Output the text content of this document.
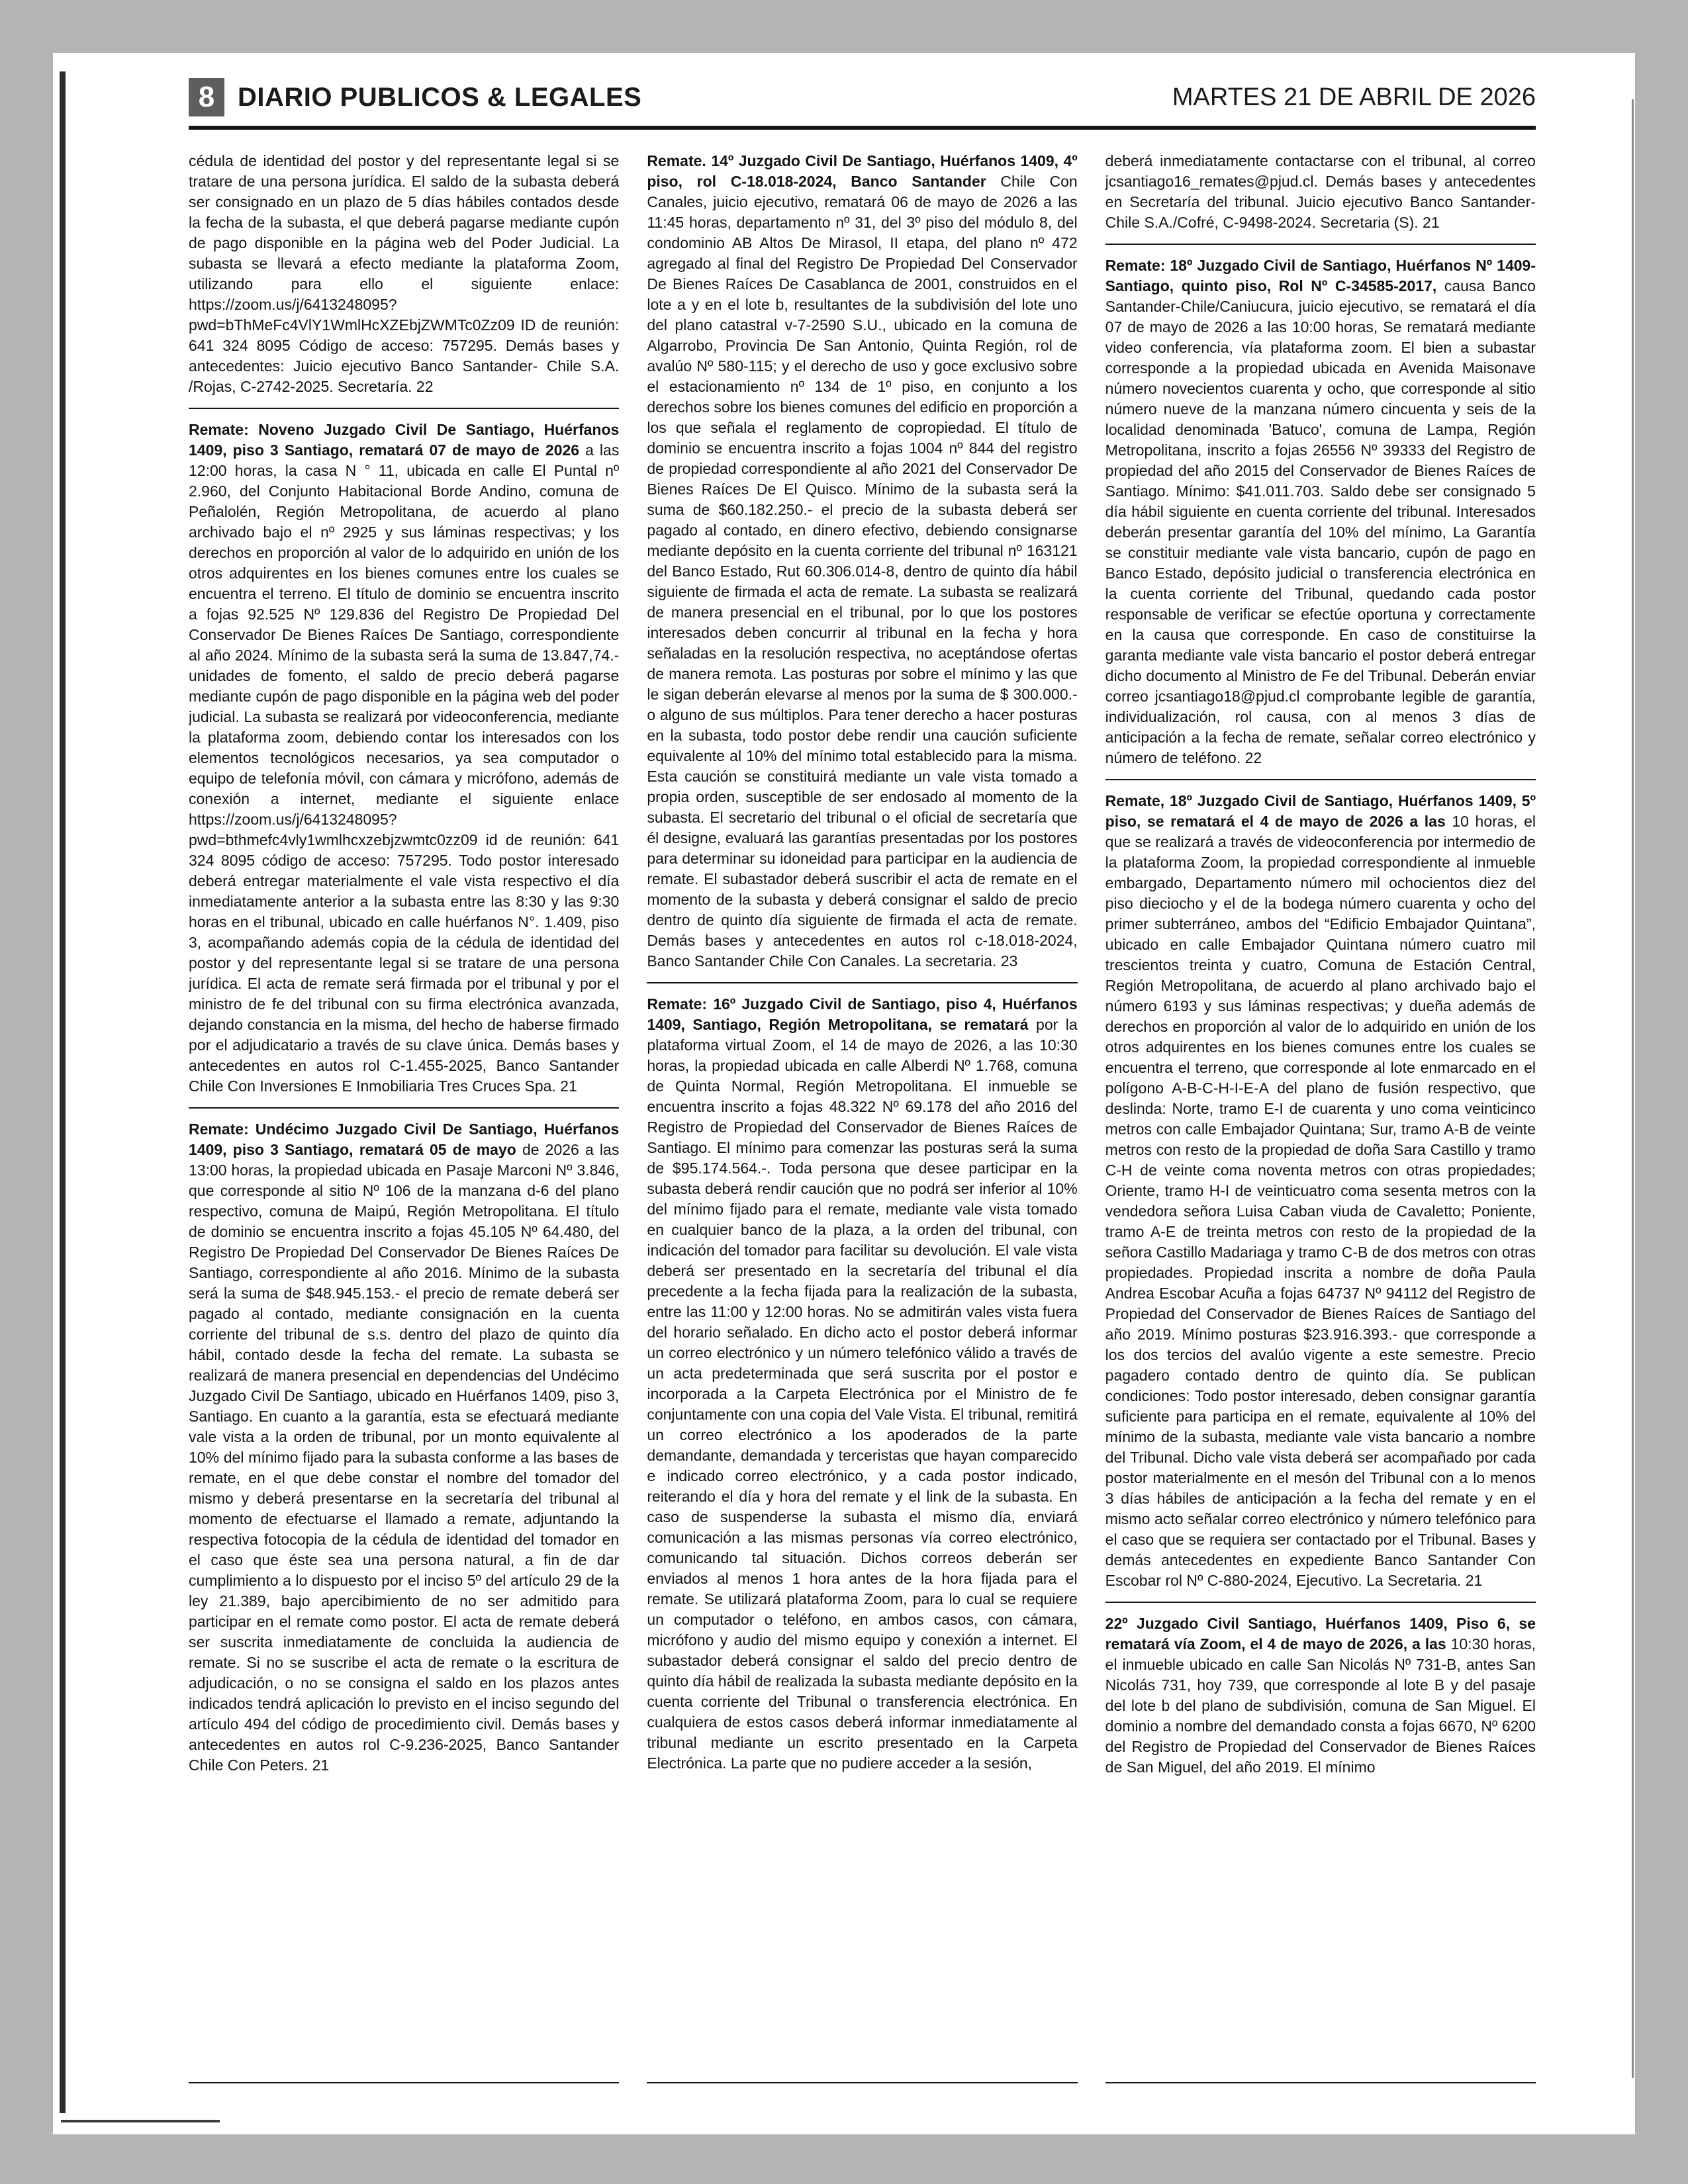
8 DIARIO PUBLICOS & LEGALES	MARTES 21 DE ABRIL DE 2026

cédula de identidad del postor y del representante legal si se tratare de una persona jurídica. El saldo de la subasta deberá ser consignado en un plazo de 5 días hábiles contados desde la fecha de la subasta, el que deberá pagarse mediante cupón de pago disponible en la página web del Poder Judicial. La subasta se llevará a efecto mediante la plataforma Zoom, utilizando para ello el siguiente enlace: https://zoom.us/j/6413248095?pwd=bThMeFc4VlY1WmlHcXZEbjZWMTc0Zz09 ID de reunión: 641 324 8095 Código de acceso: 757295. Demás bases y antecedentes: Juicio ejecutivo Banco Santander- Chile S.A. /Rojas, C-2742-2025. Secretaría. 22

Remate: Noveno Juzgado Civil De Santiago, Huérfanos 1409, piso 3 Santiago, rematará 07 de mayo de 2026 a las 12:00 horas, la casa N ° 11, ubicada en calle El Puntal nº 2.960, del Conjunto Habitacional Borde Andino, comuna de Peñalolén, Región Metropolitana, de acuerdo al plano archivado bajo el nº 2925 y sus láminas respectivas; y los derechos en proporción al valor de lo adquirido en unión de los otros adquirentes en los bienes comunes entre los cuales se encuentra el terreno. El título de dominio se encuentra inscrito a fojas 92.525 Nº 129.836 del Registro De Propiedad Del Conservador De Bienes Raíces De Santiago, correspondiente al año 2024. Mínimo de la subasta será la suma de 13.847,74.- unidades de fomento, el saldo de precio deberá pagarse mediante cupón de pago disponible en la página web del poder judicial. La subasta se realizará por videoconferencia, mediante la plataforma zoom, debiendo contar los interesados con los elementos tecnológicos necesarios, ya sea computador o equipo de telefonía móvil, con cámara y micrófono, además de conexión a internet, mediante el siguiente enlace https://zoom.us/j/6413248095?pwd=bthmefc4vly1wmlhcxzebjzwmtc0zz09 id de reunión: 641 324 8095 código de acceso: 757295. Todo postor interesado deberá entregar materialmente el vale vista respectivo el día inmediatamente anterior a la subasta entre las 8:30 y las 9:30 horas en el tribunal, ubicado en calle huérfanos N°. 1.409, piso 3, acompañando además copia de la cédula de identidad del postor y del representante legal si se tratare de una persona jurídica. El acta de remate será firmada por el tribunal y por el ministro de fe del tribunal con su firma electrónica avanzada, dejando constancia en la misma, del hecho de haberse firmado por el adjudicatario a través de su clave única. Demás bases y antecedentes en autos rol C-1.455-2025, Banco Santander Chile Con Inversiones E Inmobiliaria Tres Cruces Spa. 21

Remate: Undécimo Juzgado Civil De Santiago, Huérfanos 1409, piso 3 Santiago, rematará 05 de mayo de 2026 a las 13:00 horas, la propiedad ubicada en Pasaje Marconi Nº 3.846, que corresponde al sitio Nº 106 de la manzana d-6 del plano respectivo, comuna de Maipú, Región Metropolitana. El título de dominio se encuentra inscrito a fojas 45.105 Nº 64.480, del Registro De Propiedad Del Conservador De Bienes Raíces De Santiago, correspondiente al año 2016. Mínimo de la subasta será la suma de $48.945.153.- el precio de remate deberá ser pagado al contado, mediante consignación en la cuenta corriente del tribunal de s.s. dentro del plazo de quinto día hábil, contado desde la fecha del remate. La subasta se realizará de manera presencial en dependencias del Undécimo Juzgado Civil De Santiago, ubicado en Huérfanos 1409, piso 3, Santiago. En cuanto a la garantía, esta se efectuará mediante vale vista a la orden de tribunal, por un monto equivalente al 10% del mínimo fijado para la subasta conforme a las bases de remate, en el que debe constar el nombre del tomador del mismo y deberá presentarse en la secretaría del tribunal al momento de efectuarse el llamado a remate, adjuntando la respectiva fotocopia de la cédula de identidad del tomador en el caso que éste sea una persona natural, a fin de dar cumplimiento a lo dispuesto por el inciso 5º del artículo 29 de la ley 21.389, bajo apercibimiento de no ser admitido para participar en el remate como postor. El acta de remate deberá ser suscrita inmediatamente de concluida la audiencia de remate. Si no se suscribe el acta de remate o la escritura de adjudicación, o no se consigna el saldo en los plazos antes indicados tendrá aplicación lo previsto en el inciso segundo del artículo 494 del código de procedimiento civil. Demás bases y antecedentes en autos rol C-9.236-2025, Banco Santander Chile Con Peters. 21

Remate. 14º Juzgado Civil De Santiago, Huérfanos 1409, 4º piso, rol C-18.018-2024, Banco Santander Chile Con Canales, juicio ejecutivo, rematará 06 de mayo de 2026 a las 11:45 horas, departamento nº 31, del 3º piso del módulo 8, del condominio AB Altos De Mirasol, II etapa, del plano nº 472 agregado al final del Registro De Propiedad Del Conservador De Bienes Raíces De Casablanca de 2001, construidos en el lote a y en el lote b, resultantes de la subdivisión del lote uno del plano catastral v-7-2590 S.U., ubicado en la comuna de Algarrobo, Provincia De San Antonio, Quinta Región, rol de avalúo Nº 580-115; y el derecho de uso y goce exclusivo sobre el estacionamiento nº 134 de 1º piso, en conjunto a los derechos sobre los bienes comunes del edificio en proporción a los que señala el reglamento de copropiedad. El título de dominio se encuentra inscrito a fojas 1004 nº 844 del registro de propiedad correspondiente al año 2021 del Conservador De Bienes Raíces De El Quisco. Mínimo de la subasta será la suma de $60.182.250.- el precio de la subasta deberá ser pagado al contado, en dinero efectivo, debiendo consignarse mediante depósito en la cuenta corriente del tribunal nº 163121 del Banco Estado, Rut 60.306.014-8, dentro de quinto día hábil siguiente de firmada el acta de remate. La subasta se realizará de manera presencial en el tribunal, por lo que los postores interesados deben concurrir al tribunal en la fecha y hora señaladas en la resolución respectiva, no aceptándose ofertas de manera remota. Las posturas por sobre el mínimo y las que le sigan deberán elevarse al menos por la suma de $ 300.000.- o alguno de sus múltiplos. Para tener derecho a hacer posturas en la subasta, todo postor debe rendir una caución suficiente equivalente al 10% del mínimo total establecido para la misma. Esta caución se constituirá mediante un vale vista tomado a propia orden, susceptible de ser endosado al momento de la subasta. El secretario del tribunal o el oficial de secretaría que él designe, evaluará las garantías presentadas por los postores para determinar su idoneidad para participar en la audiencia de remate. El subastador deberá suscribir el acta de remate en el momento de la subasta y deberá consignar el saldo de precio dentro de quinto día siguiente de firmada el acta de remate. Demás bases y antecedentes en autos rol c-18.018-2024, Banco Santander Chile Con Canales. La secretaria. 23

Remate: 16º Juzgado Civil de Santiago, piso 4, Huérfanos 1409, Santiago, Región Metropolitana, se rematará por la plataforma virtual Zoom, el 14 de mayo de 2026, a las 10:30 horas, la propiedad ubicada en calle Alberdi Nº 1.768, comuna de Quinta Normal, Región Metropolitana. El inmueble se encuentra inscrito a fojas 48.322 Nº 69.178 del año 2016 del Registro de Propiedad del Conservador de Bienes Raíces de Santiago. El mínimo para comenzar las posturas será la suma de $95.174.564.-. Toda persona que desee participar en la subasta deberá rendir caución que no podrá ser inferior al 10% del mínimo fijado para el remate, mediante vale vista tomado en cualquier banco de la plaza, a la orden del tribunal, con indicación del tomador para facilitar su devolución. El vale vista deberá ser presentado en la secretaría del tribunal el día precedente a la fecha fijada para la realización de la subasta, entre las 11:00 y 12:00 horas. No se admitirán vales vista fuera del horario señalado. En dicho acto el postor deberá informar un correo electrónico y un número telefónico válido a través de un acta predeterminada que será suscrita por el postor e incorporada a la Carpeta Electrónica por el Ministro de fe conjuntamente con una copia del Vale Vista. El tribunal, remitirá un correo electrónico a los apoderados de la parte demandante, demandada y terceristas que hayan comparecido e indicado correo electrónico, y a cada postor indicado, reiterando el día y hora del remate y el link de la subasta. En caso de suspenderse la subasta el mismo día, enviará comunicación a las mismas personas vía correo electrónico, comunicando tal situación. Dichos correos deberán ser enviados al menos 1 hora antes de la hora fijada para el remate. Se utilizará plataforma Zoom, para lo cual se requiere un computador o teléfono, en ambos casos, con cámara, micrófono y audio del mismo equipo y conexión a internet. El subastador deberá consignar el saldo del precio dentro de quinto día hábil de realizada la subasta mediante depósito en la cuenta corriente del Tribunal o transferencia electrónica. En cualquiera de estos casos deberá informar inmediatamente al tribunal mediante un escrito presentado en la Carpeta Electrónica. La parte que no pudiere acceder a la sesión,

deberá inmediatamente contactarse con el tribunal, al correo jcsantiago16_remates@pjud.cl. Demás bases y antecedentes en Secretaría del tribunal. Juicio ejecutivo Banco Santander- Chile S.A./Cofré, C-9498-2024. Secretaria (S). 21

Remate: 18º Juzgado Civil de Santiago, Huérfanos Nº 1409- Santiago, quinto piso, Rol Nº C-34585-2017, causa Banco Santander-Chile/Caniucura, juicio ejecutivo, se rematará el día 07 de mayo de 2026 a las 10:00 horas, Se rematará mediante video conferencia, vía plataforma zoom. El bien a subastar corresponde a la propiedad ubicada en Avenida Maisonave número novecientos cuarenta y ocho, que corresponde al sitio número nueve de la manzana número cincuenta y seis de la localidad denominada 'Batuco', comuna de Lampa, Región Metropolitana, inscrito a fojas 26556 Nº 39333 del Registro de propiedad del año 2015 del Conservador de Bienes Raíces de Santiago. Mínimo: $41.011.703. Saldo debe ser consignado 5 día hábil siguiente en cuenta corriente del tribunal. Interesados deberán presentar garantía del 10% del mínimo, La Garantía se constituir mediante vale vista bancario, cupón de pago en Banco Estado, depósito judicial o transferencia electrónica en la cuenta corriente del Tribunal, quedando cada postor responsable de verificar se efectúe oportuna y correctamente en la causa que corresponde. En caso de constituirse la garanta mediante vale vista bancario el postor deberá entregar dicho documento al Ministro de Fe del Tribunal. Deberán enviar correo jcsantiago18@pjud.cl comprobante legible de garantía, individualización, rol causa, con al menos 3 días de anticipación a la fecha de remate, señalar correo electrónico y número de teléfono. 22

Remate, 18º Juzgado Civil de Santiago, Huérfanos 1409, 5º piso, se rematará el 4 de mayo de 2026 a las 10 horas, el que se realizará a través de videoconferencia por intermedio de la plataforma Zoom, la propiedad correspondiente al inmueble embargado, Departamento número mil ochocientos diez del piso dieciocho y el de la bodega número cuarenta y ocho del primer subterráneo, ambos del “Edificio Embajador Quintana”, ubicado en calle Embajador Quintana número cuatro mil trescientos treinta y cuatro, Comuna de Estación Central, Región Metropolitana, de acuerdo al plano archivado bajo el número 6193 y sus láminas respectivas; y dueña además de derechos en proporción al valor de lo adquirido en unión de los otros adquirentes en los bienes comunes entre los cuales se encuentra el terreno, que corresponde al lote enmarcado en el polígono A-B-C-H-I-E-A del plano de fusión respectivo, que deslinda: Norte, tramo E-I de cuarenta y uno coma veinticinco metros con calle Embajador Quintana; Sur, tramo A-B de veinte metros con resto de la propiedad de doña Sara Castillo y tramo C-H de veinte coma noventa metros con otras propiedades; Oriente, tramo H-I de veinticuatro coma sesenta metros con la vendedora señora Luisa Caban viuda de Cavaletto; Poniente, tramo A-E de treinta metros con resto de la propiedad de la señora Castillo Madariaga y tramo C-B de dos metros con otras propiedades. Propiedad inscrita a nombre de doña Paula Andrea Escobar Acuña a fojas 64737 Nº 94112 del Registro de Propiedad del Conservador de Bienes Raíces de Santiago del año 2019. Mínimo posturas $23.916.393.- que corresponde a los dos tercios del avalúo vigente a este semestre. Precio pagadero contado dentro de quinto día. Se publican condiciones: Todo postor interesado, deben consignar garantía suficiente para participa en el remate, equivalente al 10% del mínimo de la subasta, mediante vale vista bancario a nombre del Tribunal. Dicho vale vista deberá ser acompañado por cada postor materialmente en el mesón del Tribunal con a lo menos 3 días hábiles de anticipación a la fecha del remate y en el mismo acto señalar correo electrónico y número telefónico para el caso que se requiera ser contactado por el Tribunal. Bases y demás antecedentes en expediente Banco Santander Con Escobar rol Nº C-880-2024, Ejecutivo. La Secretaria. 21

22º Juzgado Civil Santiago, Huérfanos 1409, Piso 6, se rematará vía Zoom, el 4 de mayo de 2026, a las 10:30 horas, el inmueble ubicado en calle San Nicolás Nº 731-B, antes San Nicolás 731, hoy 739, que corresponde al lote B y del pasaje del lote b del plano de subdivisión, comuna de San Miguel. El dominio a nombre del demandado consta a fojas 6670, Nº 6200 del Registro de Propiedad del Conservador de Bienes Raíces de San Miguel, del año 2019. El mínimo
